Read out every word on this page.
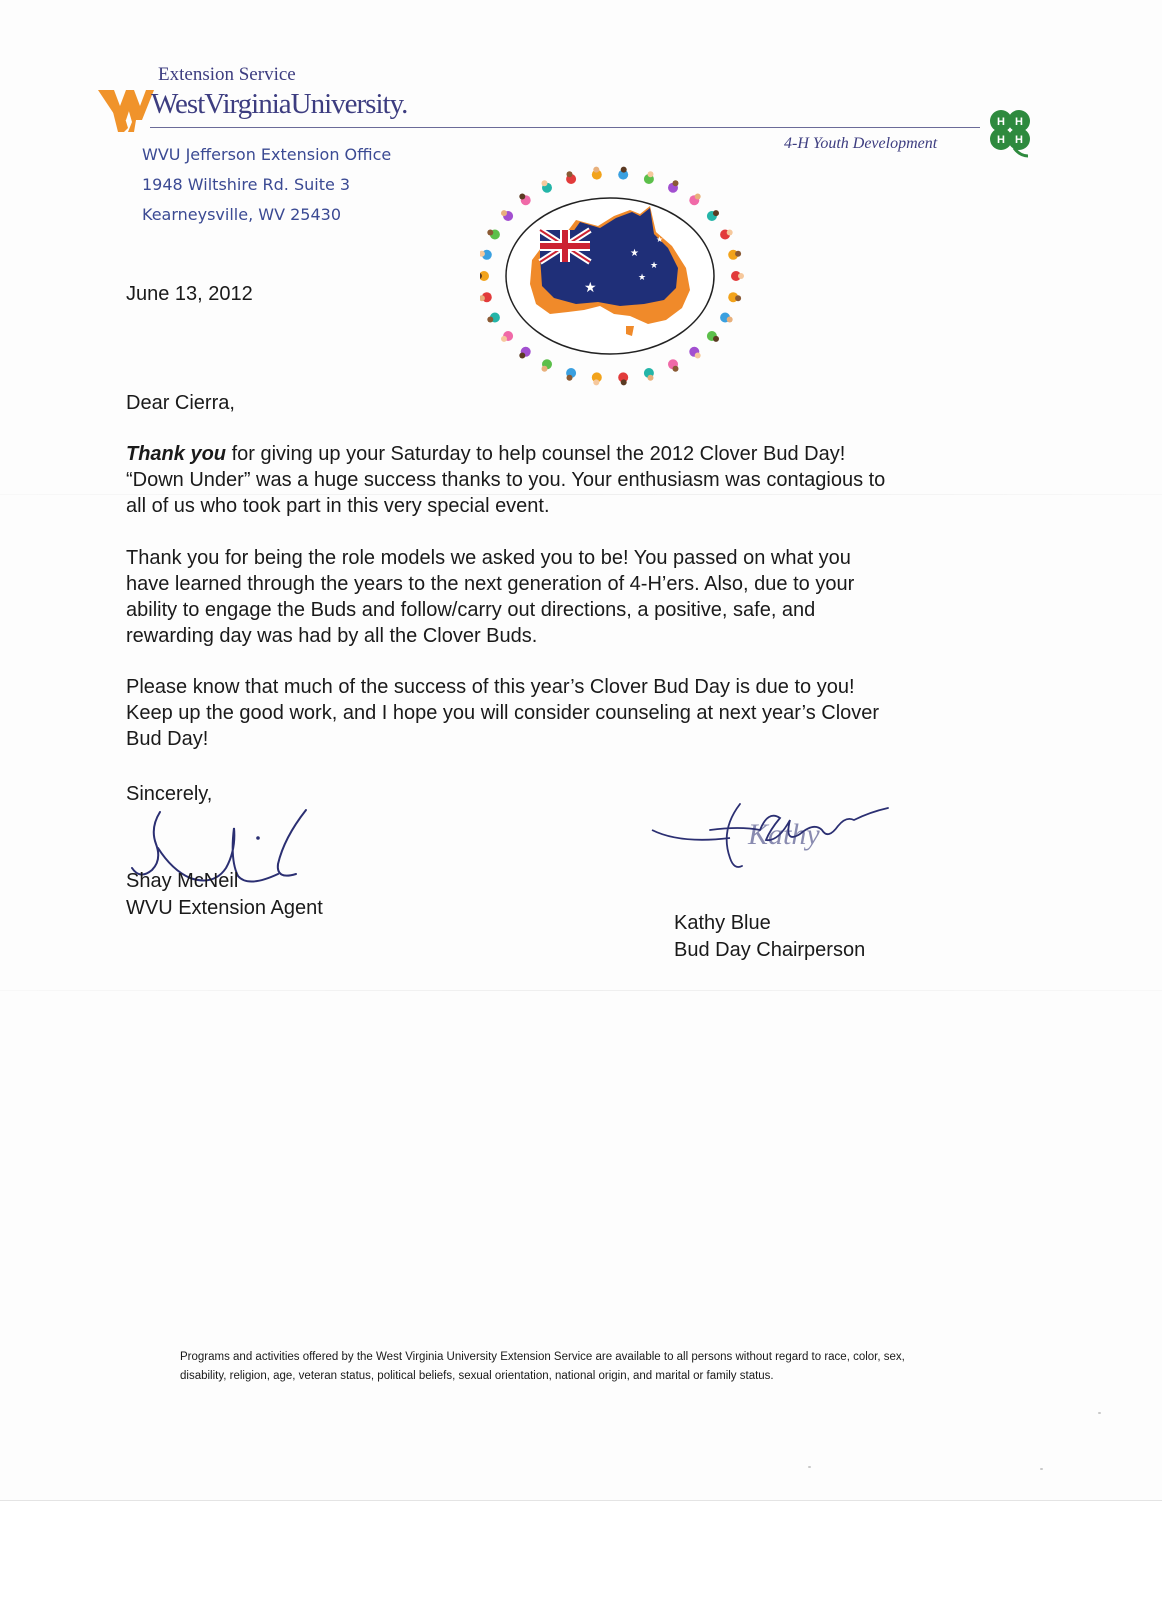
Extension Service
WestVirginiaUniversity.
4-H Youth Development
H H
H H
WVU Jefferson Extension Office
1948 Wiltshire Rd. Suite 3
Kearneysville, WV 25430
★
★
★
★
★
June 13, 2012
Dear Cierra,
Thank you for giving up your Saturday to help counsel the 2012 Clover Bud Day!
“Down Under” was a huge success thanks to you. Your enthusiasm was contagious to
all of us who took part in this very special event.
Thank you for being the role models we asked you to be! You passed on what you
have learned through the years to the next generation of 4-H’ers. Also, due to your
ability to engage the Buds and follow/carry out directions, a positive, safe, and
rewarding day was had by all the Clover Buds.
Please know that much of the success of this year’s Clover Bud Day is due to you!
Keep up the good work, and I hope you will consider counseling at next year’s Clover
Bud Day!
Sincerely,
Kathy
Shay McNeil
WVU Extension Agent
Kathy Blue
Bud Day Chairperson
Programs and activities offered by the West Virginia University Extension Service are available to all persons without regard to race, color, sex,
disability, religion, age, veteran status, political beliefs, sexual orientation, national origin, and marital or family status.
